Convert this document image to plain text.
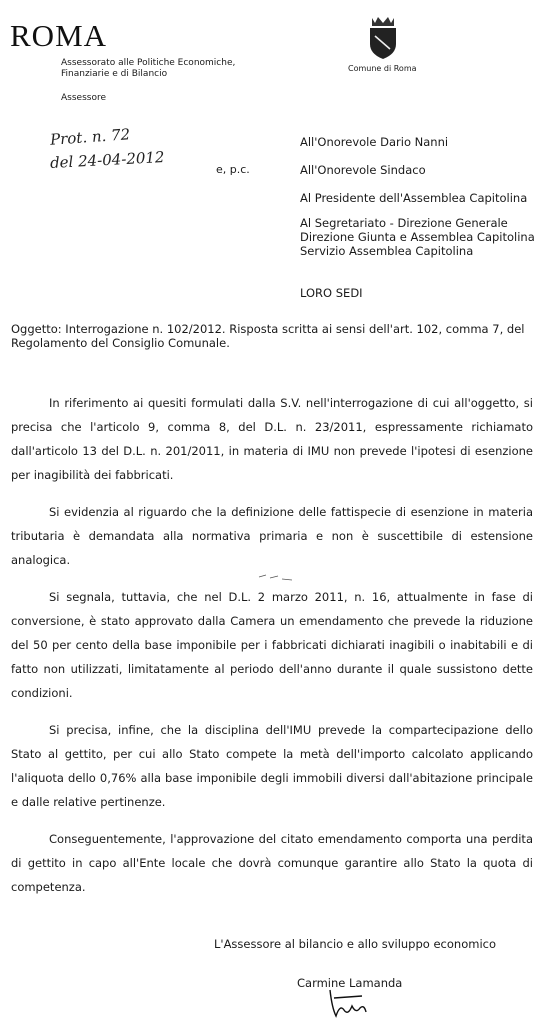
ROMA
Assessorato alle Politiche Economiche,
Finanziarie e di Bilancio
Assessore
Comune di Roma
Prot. n. 72
del 24-04-2012	e, p.c.
All'Onorevole Dario Nanni
All'Onorevole Sindaco
Al Presidente dell'Assemblea Capitolina
Al Segretariato - Direzione Generale
Direzione Giunta e Assemblea Capitolina
Servizio Assemblea Capitolina
LORO SEDI
Oggetto: Interrogazione n. 102/2012. Risposta scritta ai sensi dell'art. 102, comma 7, del Regolamento del Consiglio Comunale.

In riferimento ai quesiti formulati dalla S.V. nell'interrogazione di cui all'oggetto, si precisa che l'articolo 9, comma 8, del D.L. n. 23/2011, espressamente richiamato dall'articolo 13 del D.L. n. 201/2011, in materia di IMU non prevede l'ipotesi di esenzione per inagibilità dei fabbricati.

Si evidenzia al riguardo che la definizione delle fattispecie di esenzione in materia tributaria è demandata alla normativa primaria e non è suscettibile di estensione analogica.

Si segnala, tuttavia, che nel D.L. 2 marzo 2011, n. 16, attualmente in fase di conversione, è stato approvato dalla Camera un emendamento che prevede la riduzione del 50 per cento della base imponibile per i fabbricati dichiarati inagibili o inabitabili e di fatto non utilizzati, limitatamente al periodo dell'anno durante il quale sussistono dette condizioni.

Si precisa, infine, che la disciplina dell'IMU prevede la compartecipazione dello Stato al gettito, per cui allo Stato compete la metà dell'importo calcolato applicando l'aliquota dello 0,76% alla base imponibile degli immobili diversi dall'abitazione principale e dalle relative pertinenze.

Conseguentemente, l'approvazione del citato emendamento comporta una perdita di gettito in capo all'Ente locale che dovrà comunque garantire allo Stato la quota di competenza.

L'Assessore al bilancio e allo sviluppo economico
Carmine Lamanda
